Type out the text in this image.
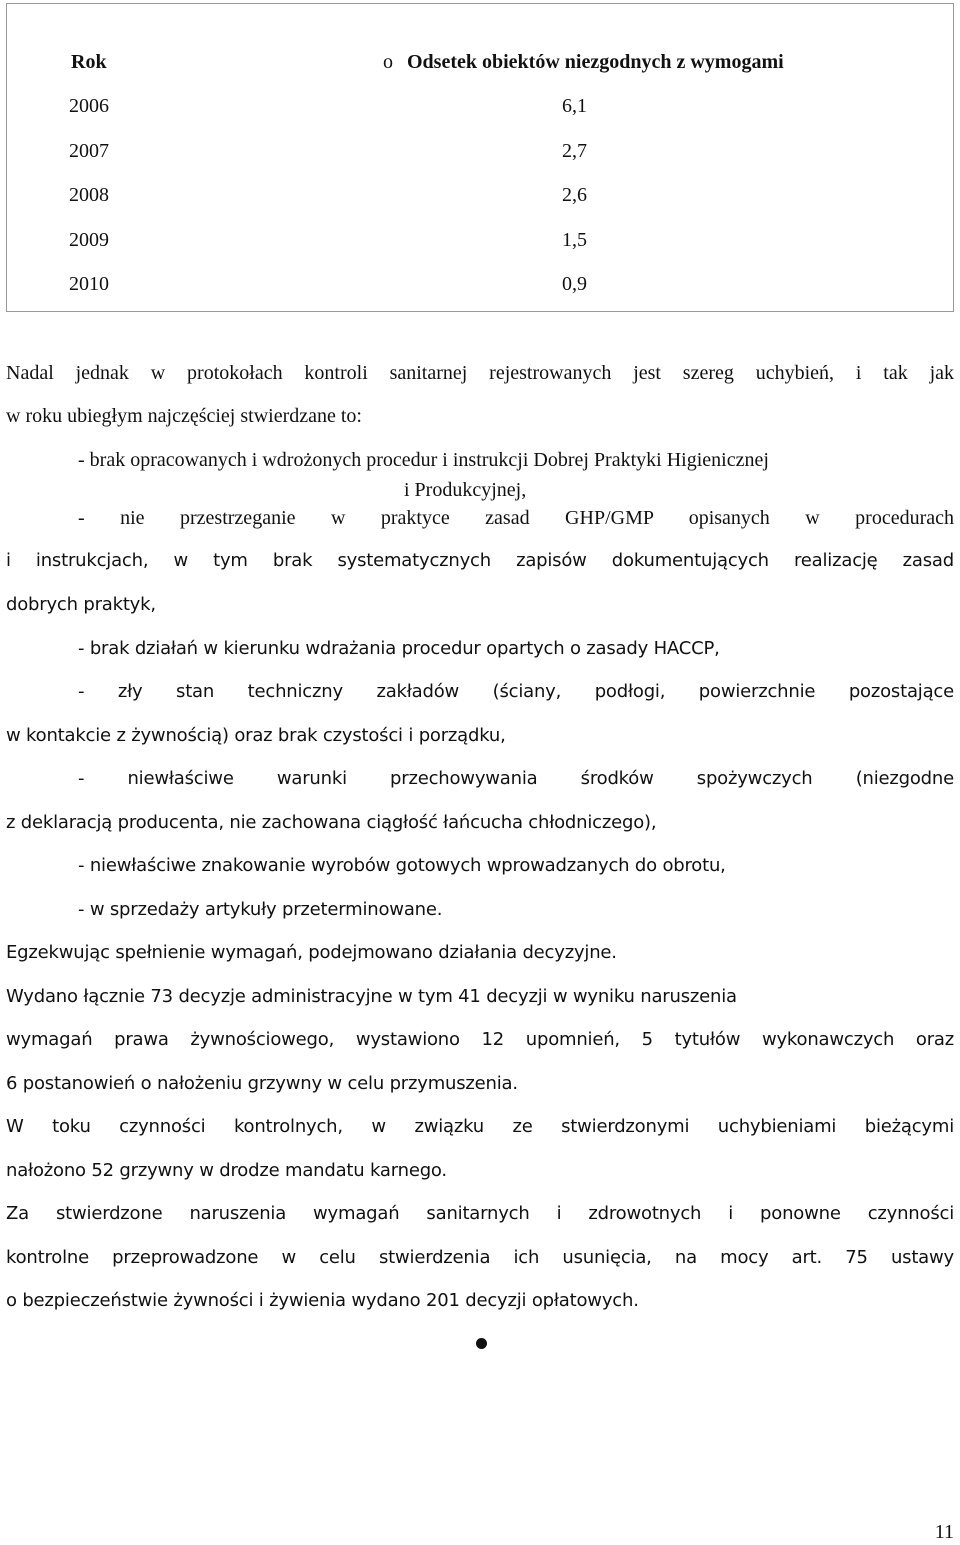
Rok	o Odsetek obiektów niezgodnych z wymogami
2006	6,1
2007	2,7
2008	2,6
2009	1,5
2010	0,9
Nadal jednak w protokołach kontroli sanitarnej rejestrowanych jest szereg uchybień, i tak jak
w roku ubiegłym najczęściej stwierdzane to:
- brak opracowanych i wdrożonych procedur i instrukcji Dobrej Praktyki Higienicznej
i Produkcyjnej,
- nie przestrzeganie w praktyce zasad GHP/GMP opisanych w procedurach
i instrukcjach, w tym brak systematycznych zapisów dokumentujących realizację zasad
dobrych praktyk,
- brak działań w kierunku wdrażania procedur opartych o zasady HACCP,
- zły stan techniczny zakładów (ściany, podłogi, powierzchnie pozostające
w kontakcie z żywnością) oraz brak czystości i porządku,
- niewłaściwe warunki przechowywania środków spożywczych (niezgodne
z deklaracją producenta, nie zachowana ciągłość łańcucha chłodniczego),
- niewłaściwe znakowanie wyrobów gotowych wprowadzanych do obrotu,
- w sprzedaży artykuły przeterminowane.
Egzekwując spełnienie wymagań, podejmowano działania decyzyjne.
Wydano łącznie 73 decyzje administracyjne w tym 41 decyzji w wyniku naruszenia
wymagań prawa żywnościowego, wystawiono 12 upomnień, 5 tytułów wykonawczych oraz
6 postanowień o nałożeniu grzywny w celu przymuszenia.
W toku czynności kontrolnych, w związku ze stwierdzonymi uchybieniami bieżącymi
nałożono 52 grzywny w drodze mandatu karnego.
Za stwierdzone naruszenia wymagań sanitarnych i zdrowotnych i ponowne czynności
kontrolne przeprowadzone w celu stwierdzenia ich usunięcia, na mocy art. 75 ustawy
o bezpieczeństwie żywności i żywienia wydano 201 decyzji opłatowych.
11
